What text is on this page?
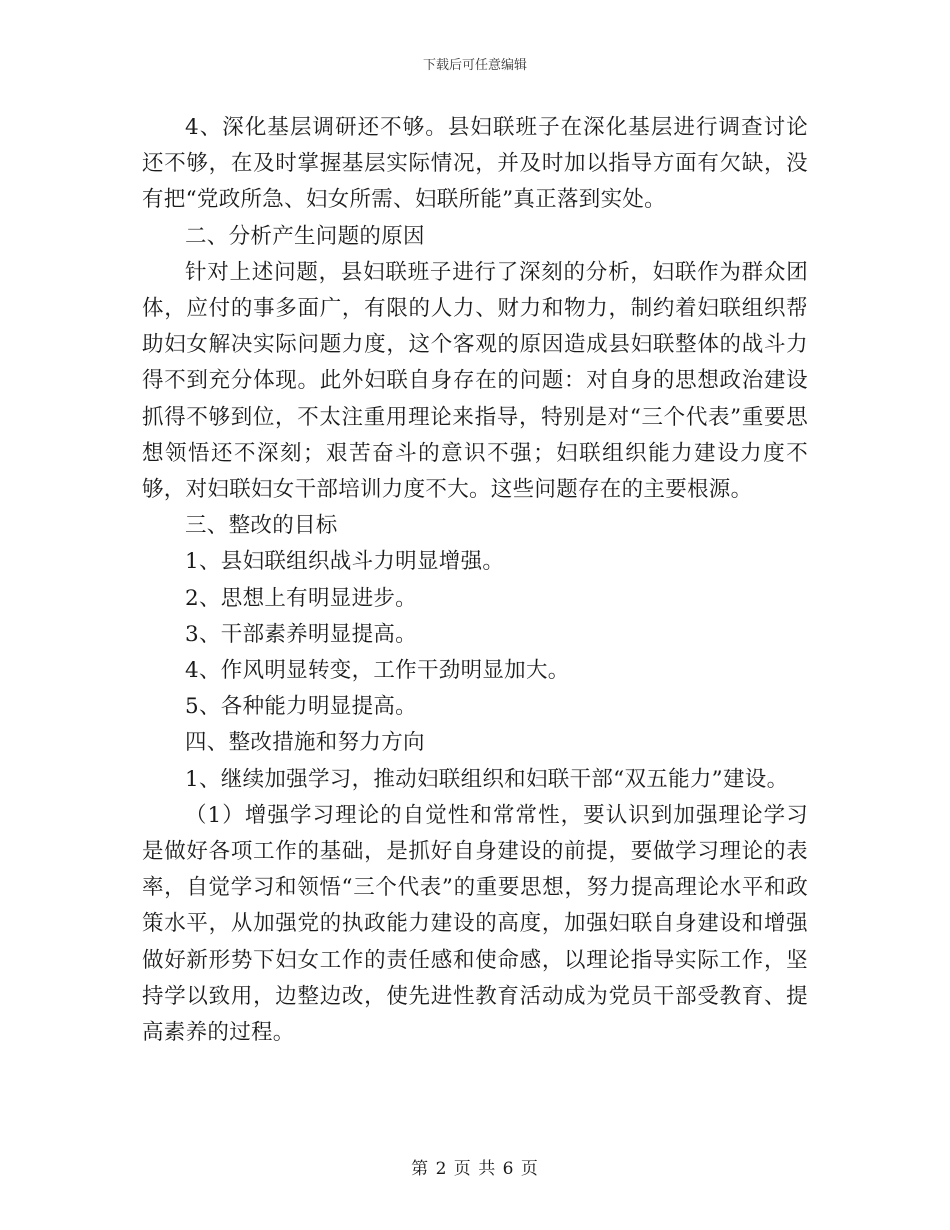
下载后可任意编辑

4、深化基层调研还不够。县妇联班子在深化基层进行调查讨论还不够，在及时掌握基层实际情况，并及时加以指导方面有欠缺，没有把“党政所急、妇女所需、妇联所能”真正落到实处。

二、分析产生问题的原因

针对上述问题，县妇联班子进行了深刻的分析，妇联作为群众团体，应付的事多面广，有限的人力、财力和物力，制约着妇联组织帮助妇女解决实际问题力度，这个客观的原因造成县妇联整体的战斗力得不到充分体现。此外妇联自身存在的问题：对自身的思想政治建设抓得不够到位，不太注重用理论来指导，特别是对“三个代表”重要思想领悟还不深刻；艰苦奋斗的意识不强；妇联组织能力建设力度不够，对妇联妇女干部培训力度不大。这些问题存在的主要根源。

三、整改的目标

1、县妇联组织战斗力明显增强。

2、思想上有明显进步。

3、干部素养明显提高。

4、作风明显转变，工作干劲明显加大。

5、各种能力明显提高。

四、整改措施和努力方向

1、继续加强学习，推动妇联组织和妇联干部“双五能力”建设。

（1）增强学习理论的自觉性和常常性，要认识到加强理论学习是做好各项工作的基础，是抓好自身建设的前提，要做学习理论的表率，自觉学习和领悟“三个代表”的重要思想，努力提高理论水平和政策水平，从加强党的执政能力建设的高度，加强妇联自身建设和增强做好新形势下妇女工作的责任感和使命感，以理论指导实际工作，坚持学以致用，边整边改，使先进性教育活动成为党员干部受教育、提高素养的过程。

第 2 页 共 6 页
